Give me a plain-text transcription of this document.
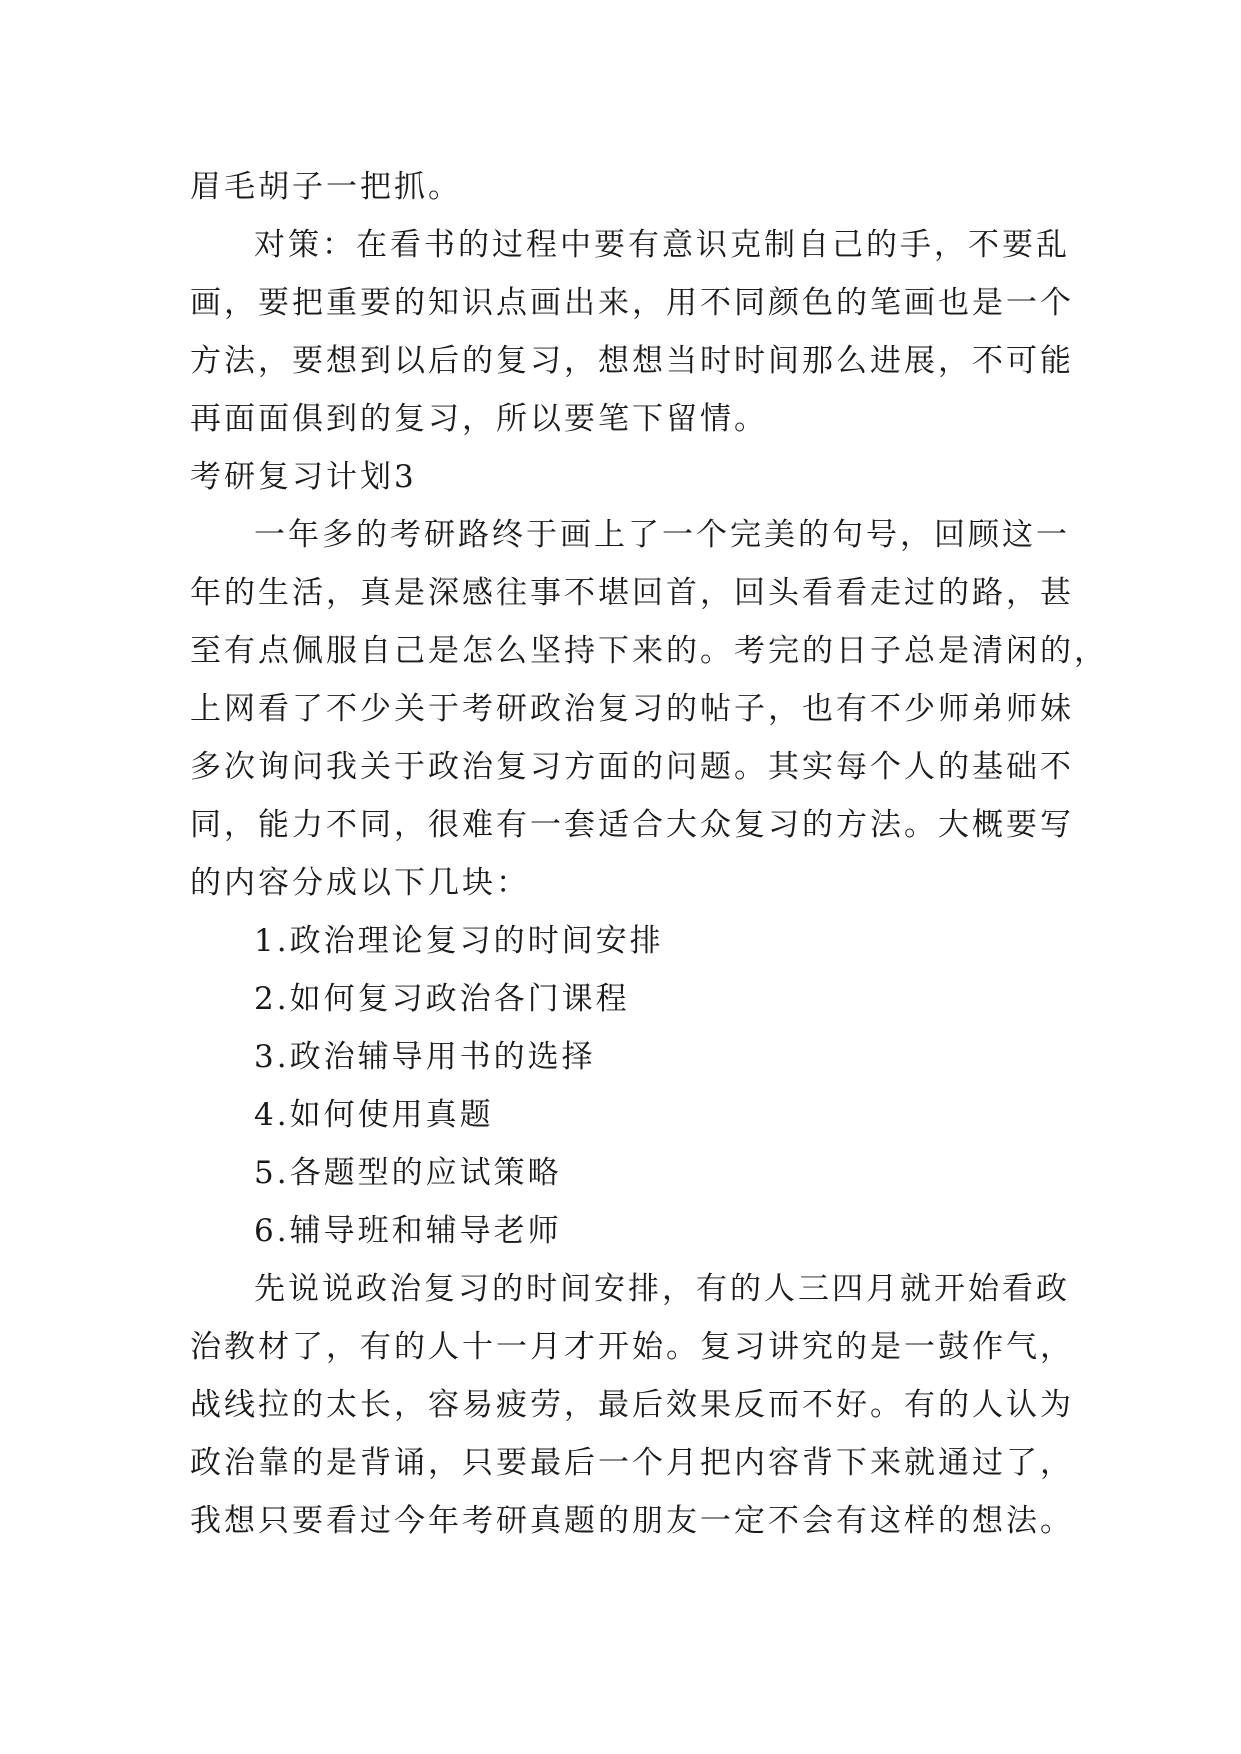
眉毛胡子一把抓。
对策：在看书的过程中要有意识克制自己的手，不要乱
画，要把重要的知识点画出来，用不同颜色的笔画也是一个
方法，要想到以后的复习，想想当时时间那么进展，不可能
再面面俱到的复习，所以要笔下留情。
考研复习计划3
一年多的考研路终于画上了一个完美的句号，回顾这一
年的生活，真是深感往事不堪回首，回头看看走过的路，甚
至有点佩服自己是怎么坚持下来的。考完的日子总是清闲的，
上网看了不少关于考研政治复习的帖子，也有不少师弟师妹
多次询问我关于政治复习方面的问题。其实每个人的基础不
同，能力不同，很难有一套适合大众复习的方法。大概要写
的内容分成以下几块：
1.政治理论复习的时间安排
2.如何复习政治各门课程
3.政治辅导用书的选择
4.如何使用真题
5.各题型的应试策略
6.辅导班和辅导老师
先说说政治复习的时间安排，有的人三四月就开始看政
治教材了，有的人十一月才开始。复习讲究的是一鼓作气，
战线拉的太长，容易疲劳，最后效果反而不好。有的人认为
政治靠的是背诵，只要最后一个月把内容背下来就通过了，
我想只要看过今年考研真题的朋友一定不会有这样的想法。
